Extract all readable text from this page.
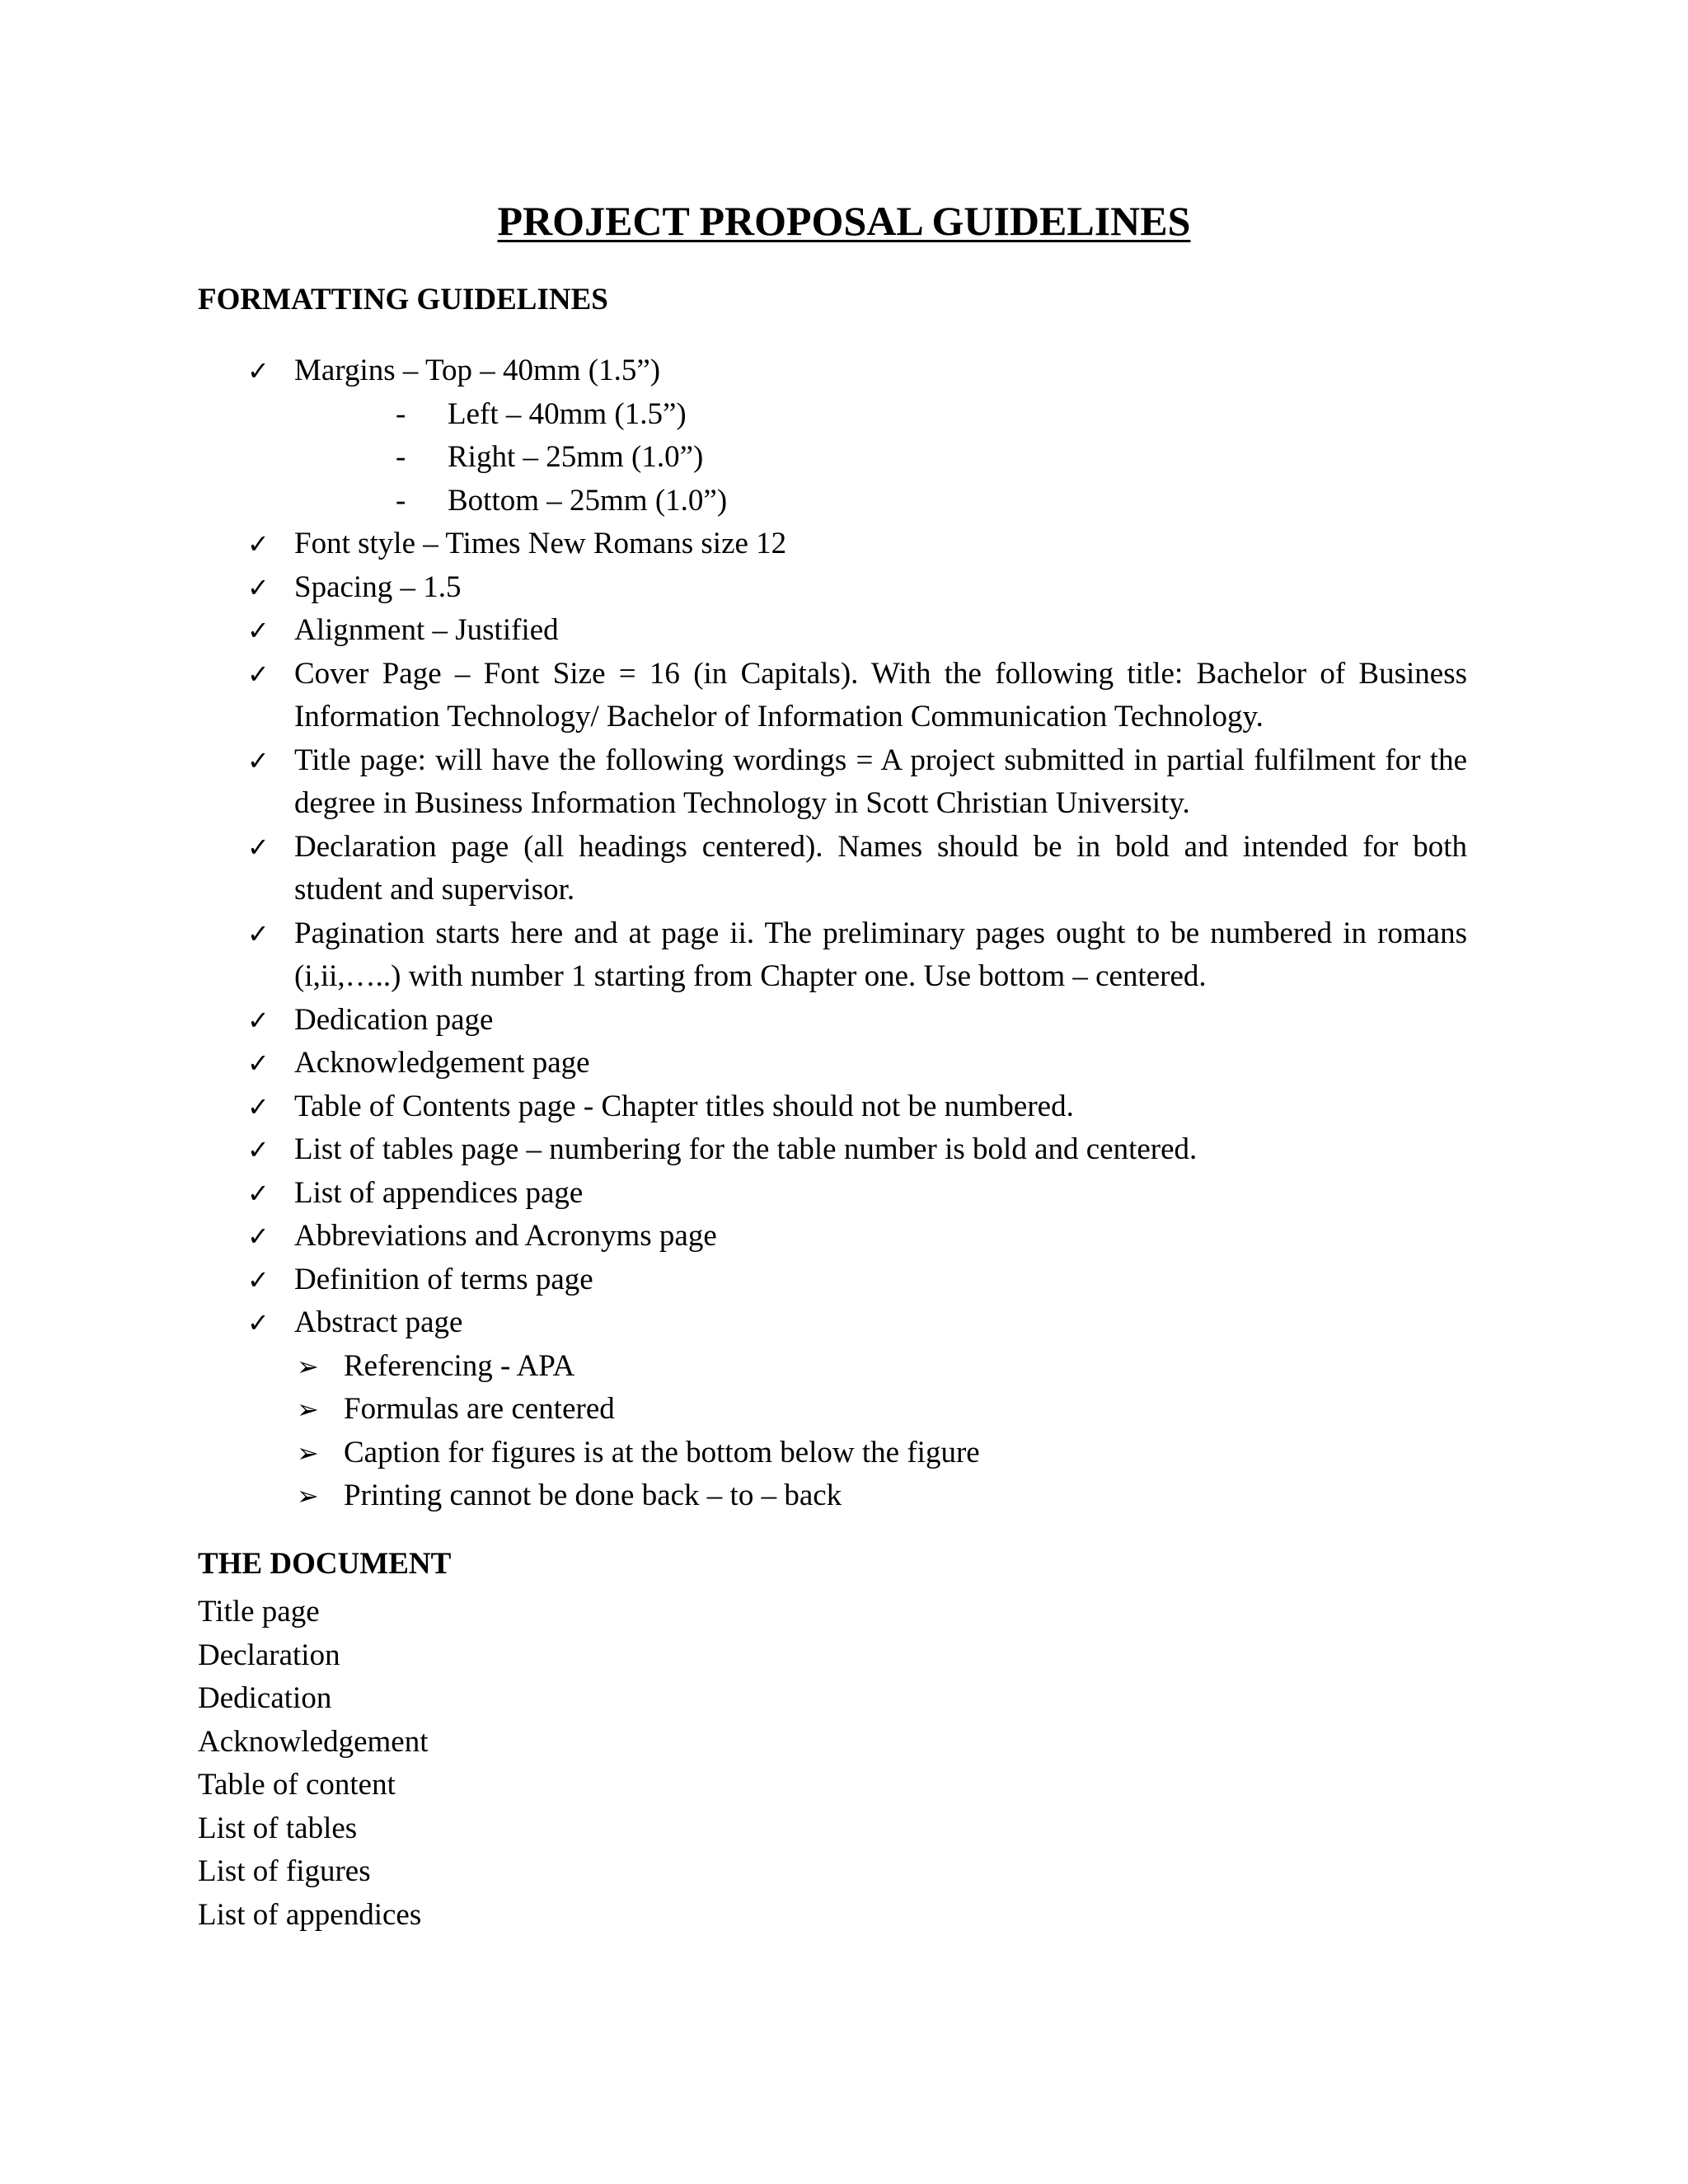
PROJECT PROPOSAL GUIDELINES
FORMATTING GUIDELINES
✓ Margins – Top – 40mm (1.5”)
- Left – 40mm (1.5”)
- Right – 25mm (1.0”)
- Bottom – 25mm (1.0”)
✓ Font style – Times New Romans size 12
✓ Spacing – 1.5
✓ Alignment – Justified
✓ Cover Page – Font Size = 16 (in Capitals). With the following title: Bachelor of Business Information Technology/ Bachelor of Information Communication Technology.
✓ Title page: will have the following wordings = A project submitted in partial fulfilment for the degree in Business Information Technology in Scott Christian University.
✓ Declaration page (all headings centered). Names should be in bold and intended for both student and supervisor.
✓ Pagination starts here and at page ii. The preliminary pages ought to be numbered in romans (i,ii,…..) with number 1 starting from Chapter one. Use bottom – centered.
✓ Dedication page
✓ Acknowledgement page
✓ Table of Contents page - Chapter titles should not be numbered.
✓ List of tables page – numbering for the table number is bold and centered.
✓ List of appendices page
✓ Abbreviations and Acronyms page
✓ Definition of terms page
✓ Abstract page
➢ Referencing - APA
➢ Formulas are centered
➢ Caption for figures is at the bottom below the figure
➢ Printing cannot be done back – to – back
THE DOCUMENT
Title page
Declaration
Dedication
Acknowledgement
Table of content
List of tables
List of figures
List of appendices
